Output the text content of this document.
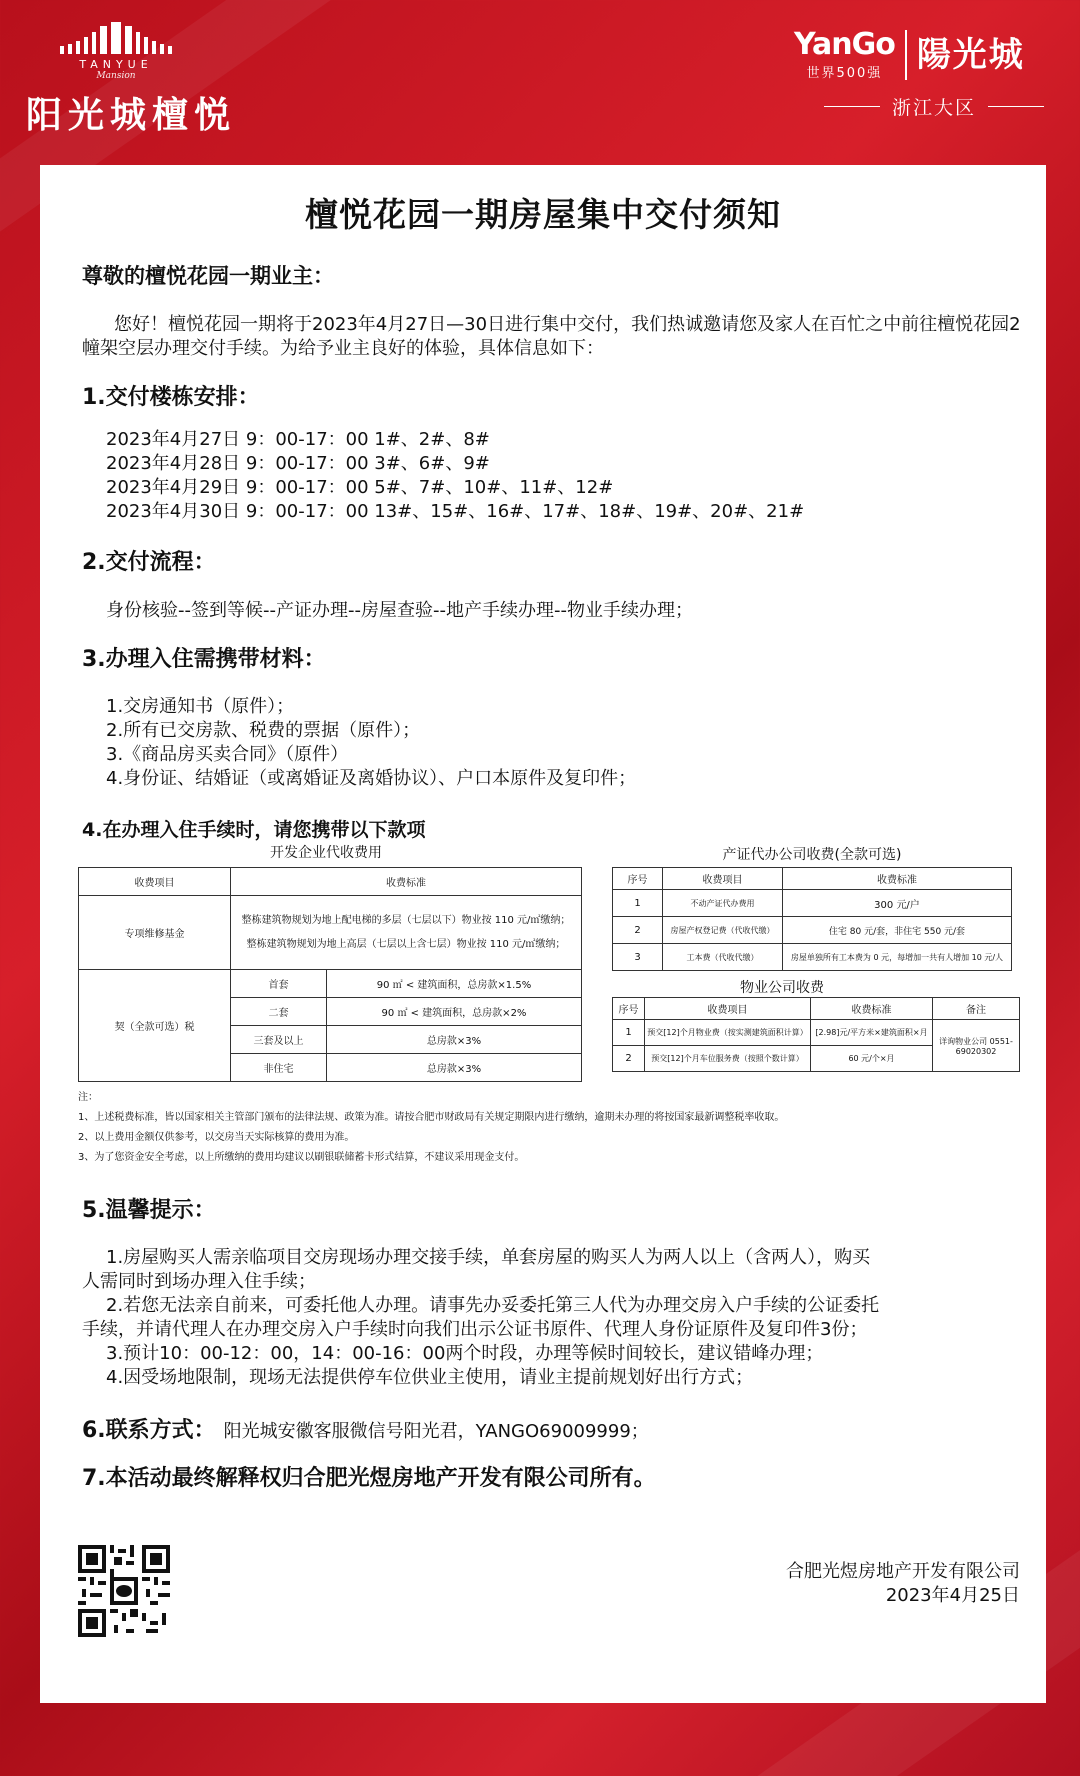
TANYUE
Mansion
阳光城檀悦
YanGo
世界500强	陽光城
浙江大区
檀悦花园一期房屋集中交付须知
尊敬的檀悦花园一期业主：
您好！檀悦花园一期将于2023年4月27日—30日进行集中交付，我们热诚邀请您及家人在百忙之中前往檀悦花园2幢架空层办理交付手续。为给予业主良好的体验，具体信息如下：
1.交付楼栋安排：
2023年4月27日 9：00-17：00 1#、2#、8#
2023年4月28日 9：00-17：00 3#、6#、9#
2023年4月29日 9：00-17：00 5#、7#、10#、11#、12#
2023年4月30日 9：00-17：00 13#、15#、16#、17#、18#、19#、20#、21#
2.交付流程：
身份核验--签到等候--产证办理--房屋查验--地产手续办理--物业手续办理；
3.办理入住需携带材料：
1.交房通知书（原件）；
2.所有已交房款、税费的票据（原件）；
3.《商品房买卖合同》（原件）
4.身份证、结婚证（或离婚证及离婚协议）、户口本原件及复印件；
4.在办理入住手续时，请您携带以下款项
开发企业代收费用
收费项目	收费标准	
专项维修基金	整栋建筑物规划为地上配电梯的多层（七层以下）物业按 110 元/㎡缴纳；
整栋建筑物规划为地上高层（七层以上含七层）物业按 110 元/㎡缴纳；	

契（全款可选）税	首套	90 ㎡ < 建筑面积，总房款×1.5%
	二套	90 ㎡ < 建筑面积，总房款×2%
	三套及以上	总房款×3%
	非住宅	总房款×3%
产证代办公司收费(全款可选)
序号	收费项目	收费标准
1	不动产证代办费用	300 元/户
2	房屋产权登记费（代收代缴）	住宅 80 元/套，非住宅 550 元/套
3	工本费（代收代缴）	房屋单独所有工本费为 0 元，每增加一共有人增加 10 元/人
物业公司收费
序号	收费项目	收费标准	备注
1	预交[12]个月物业费（按实测建筑面积计算）	[2.98]元/平方米×建筑面积×月	详询物业公司 0551-69020302
2	预交[12]个月车位服务费（按照个数计算）	60 元/个×月	
注：
1、上述税费标准，皆以国家相关主管部门颁布的法律法规、政策为准。请按合肥市财政局有关规定期限内进行缴纳，逾期未办理的将按国家最新调整税率收取。
2、以上费用金额仅供参考，以交房当天实际核算的费用为准。
3、为了您资金安全考虑，以上所缴纳的费用均建议以刷银联储蓄卡形式结算，不建议采用现金支付。
5.温馨提示：
1.房屋购买人需亲临项目交房现场办理交接手续，单套房屋的购买人为两人以上（含两人），购买
人需同时到场办理入住手续；
2.若您无法亲自前来，可委托他人办理。请事先办妥委托第三人代为办理交房入户手续的公证委托
手续，并请代理人在办理交房入户手续时向我们出示公证书原件、代理人身份证原件及复印件3份；
3.预计10：00-12：00，14：00-16：00两个时段，办理等候时间较长，建议错峰办理；
4.因受场地限制，现场无法提供停车位供业主使用，请业主提前规划好出行方式；
6.联系方式： 阳光城安徽客服微信号阳光君，YANGO69009999；
7.本活动最终解释权归合肥光煜房地产开发有限公司所有。
合肥光煜房地产开发有限公司
2023年4月25日
